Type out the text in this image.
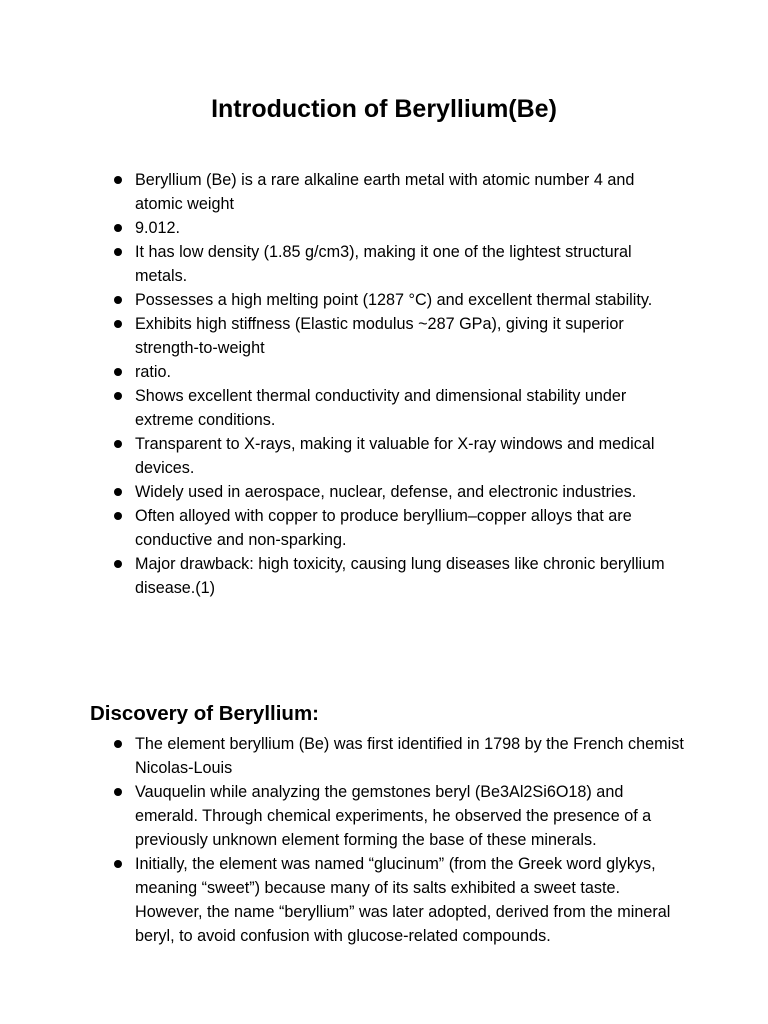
Introduction of Beryllium(Be)
Beryllium (Be) is a rare alkaline earth metal with atomic number 4 and atomic weight
9.012.
It has low density (1.85 g/cm3), making it one of the lightest structural metals.
Possesses a high melting point (1287 °C) and excellent thermal stability.
Exhibits high stiffness (Elastic modulus ~287 GPa), giving it superior strength-to-weight
ratio.
Shows excellent thermal conductivity and dimensional stability under extreme conditions.
Transparent to X-rays, making it valuable for X-ray windows and medical devices.
Widely used in aerospace, nuclear, defense, and electronic industries.
Often alloyed with copper to produce beryllium–copper alloys that are conductive and non-sparking.
Major drawback: high toxicity, causing lung diseases like chronic beryllium disease.(1)
Discovery of Beryllium:
The element beryllium (Be) was first identified in 1798 by the French chemist Nicolas-Louis
Vauquelin while analyzing the gemstones beryl (Be3Al2Si6O18) and emerald. Through chemical experiments, he observed the presence of a previously unknown element forming the base of these minerals.
Initially, the element was named “glucinum” (from the Greek word glykys, meaning “sweet”) because many of its salts exhibited a sweet taste. However, the name “beryllium” was later adopted, derived from the mineral beryl, to avoid confusion with glucose-related compounds.
